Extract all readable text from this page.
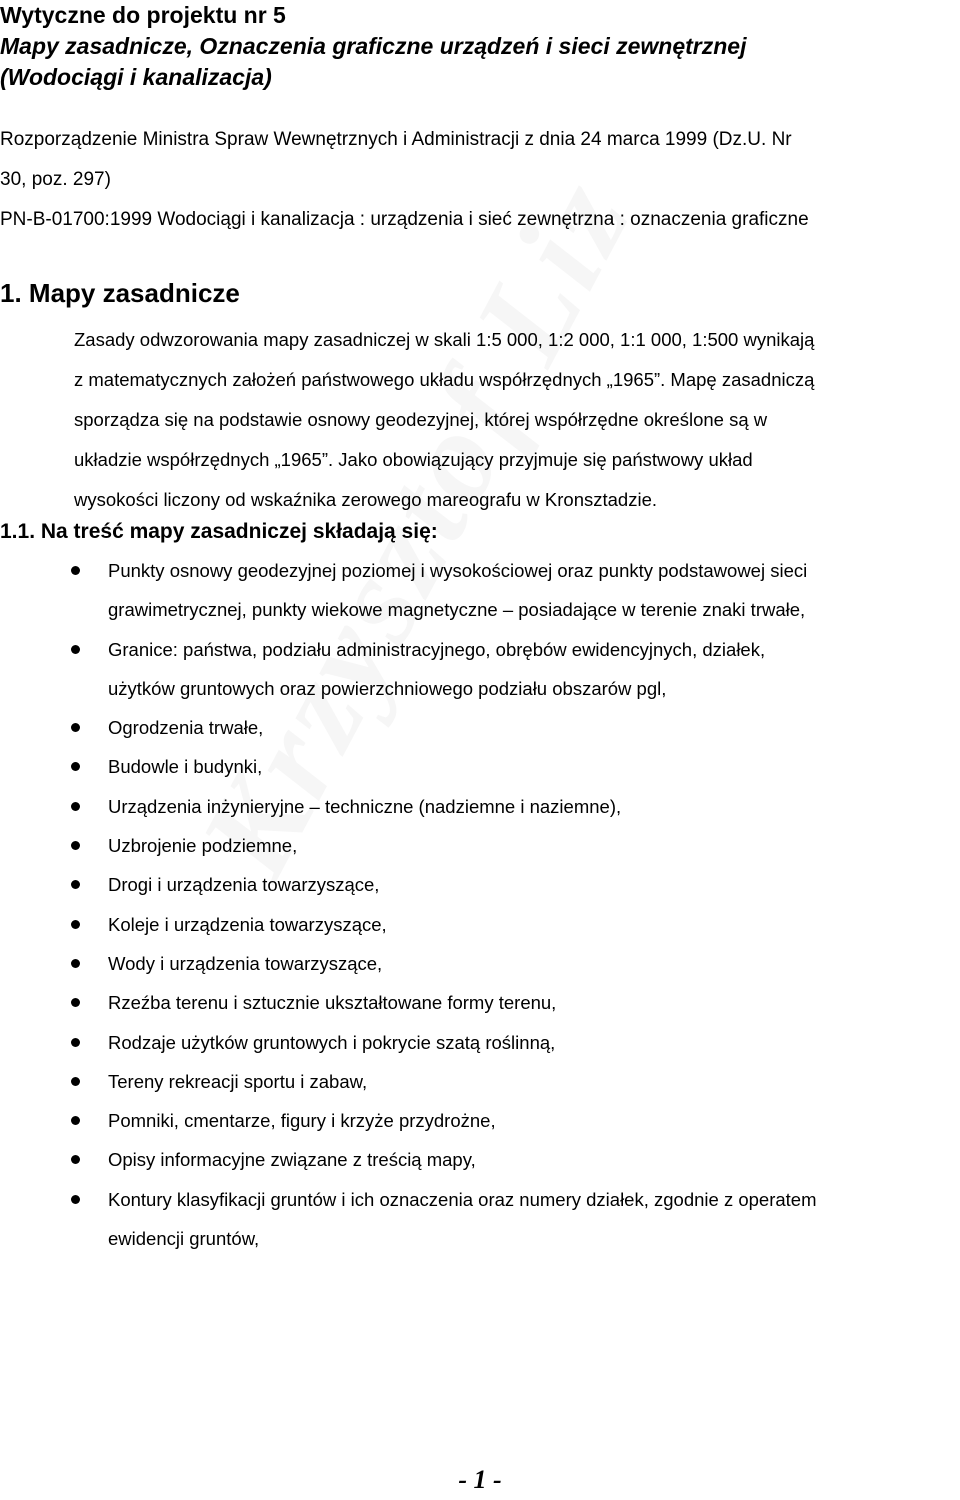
Wytyczne do projektu nr 5
Mapy zasadnicze, Oznaczenia graficzne urządzeń i sieci zewnętrznej
(Wodociągi i kanalizacja)
Rozporządzenie Ministra Spraw Wewnętrznych i Administracji z dnia 24 marca 1999 (Dz.U. Nr
30, poz. 297)
PN-B-01700:1999 Wodociągi i kanalizacja : urządzenia i sieć zewnętrzna : oznaczenia graficzne
1. Mapy zasadnicze
Zasady odwzorowania mapy zasadniczej w skali 1:5 000, 1:2 000, 1:1 000, 1:500 wynikają
z matematycznych założeń państwowego układu współrzędnych „1965”. Mapę zasadniczą
sporządza się na podstawie osnowy geodezyjnej, której współrzędne określone są w
układzie współrzędnych „1965”. Jako obowiązujący przyjmuje się państwowy układ
wysokości liczony od wskaźnika zerowego mareografu w Kronsztadzie.
1.1. Na treść mapy zasadniczej składają się:
Punkty osnowy geodezyjnej poziomej i wysokościowej oraz punkty podstawowej sieci
grawimetrycznej, punkty wiekowe magnetyczne – posiadające w terenie znaki trwałe,
Granice: państwa, podziału administracyjnego, obrębów ewidencyjnych, działek,
użytków gruntowych oraz powierzchniowego podziału obszarów pgl,
Ogrodzenia trwałe,
Budowle i budynki,
Urządzenia inżynieryjne – techniczne (nadziemne i naziemne),
Uzbrojenie podziemne,
Drogi i urządzenia towarzyszące,
Koleje i urządzenia towarzyszące,
Wody i urządzenia towarzyszące,
Rzeźba terenu i sztucznie ukształtowane formy terenu,
Rodzaje użytków gruntowych i pokrycie szatą roślinną,
Tereny rekreacji sportu i zabaw,
Pomniki, cmentarze, figury i krzyże przydrożne,
Opisy informacyjne związane z treścią mapy,
Kontury klasyfikacji gruntów i ich oznaczenia oraz numery działek, zgodnie z operatem
ewidencji gruntów,
- 1 -
